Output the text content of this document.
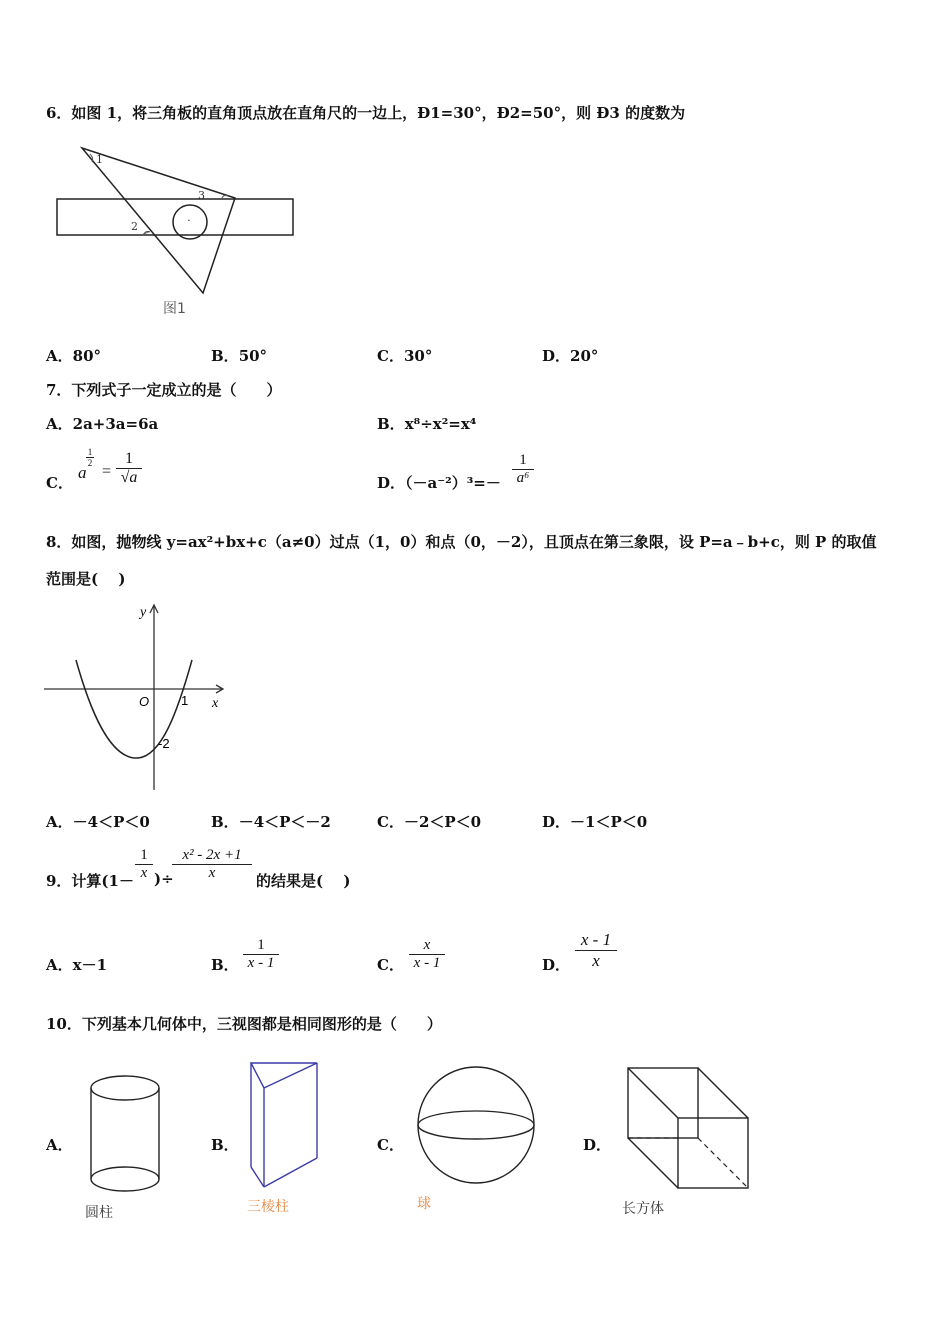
6．如图 1，将三角板的直角顶点放在直角尺的一边上，Ð1=30°，Ð2=50°，则 Ð3 的度数为
·
1
2
3
图1
A．80°	B．50°	C．30°	D．20°
7．下列式子一定成立的是（　　）
A．2a+3a=6a	B．x⁸÷x²=x⁴
C．
a
1
2 =
1
√a	D．（－a⁻²）³=－
1
a⁶
8．如图，抛物线 y=ax²+bx+c（a≠0）过点（1，0）和点（0，－2），且顶点在第三象限，设 P=a﹣b+c，则 P 的取值
范围是(　 )
y
x
O 1
-2
A．－4＜P＜0	B．－4＜P＜－2	C．－2＜P＜0	D．－1＜P＜0
9．计算(1－
1
x )÷
x² - 2x +1
x	的结果是(　 )
A．x－1	B．
1
x - 1	C．
x
x - 1	D．
x - 1
x
10．下列基本几何体中，三视图都是相同图形的是（　　）
A．
圆柱
B．
三棱柱
C．
球
D．
长方体
